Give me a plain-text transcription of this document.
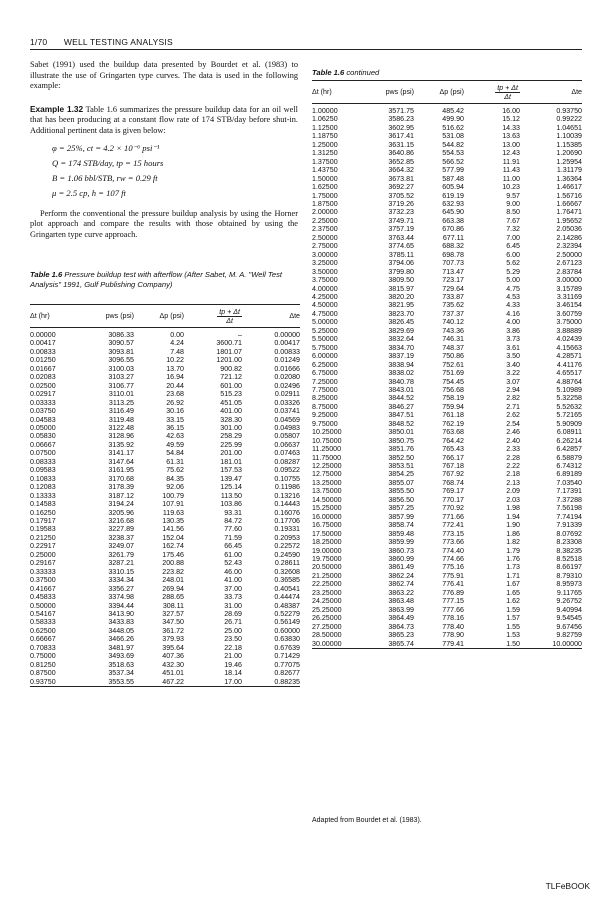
1/70 WELL TESTING ANALYSIS

Sabet (1991) used the buildup data presented by Bourdet et al. (1983) to illustrate the use of Gringarten type curves. The data is used in the following example:

Example 1.32 Table 1.6 summarizes the pressure buildup data for an oil well that has been producing at a constant flow rate of 174 STB/day before shut-in. Additional pertinent data is given below:

φ = 25%, ct = 4.2 × 10⁻⁶ psi⁻¹
Q = 174 STB/day, tp = 15 hours
B = 1.06 bbl/STB, rw = 0.29 ft
μ = 2.5 cp, h = 107 ft

Perform the conventional the pressure buildup analysis by using the Horner plot approach and compare the results with those obtained by using the Gringarten type curve approach.

Table 1.6 Pressure buildup test with afterflow (After Sabet, M. A. "Well Test Analysis" 1991, Gulf Publishing Company)
Δt (hr)	pws (psi)	Δp (psi)	$\frac{tp + \Delta t}{\Delta t}$	Δte
0.00000	3086.33	0.00	–	0.00000
0.00417	3090.57	4.24	3600.71	0.00417
0.00833	3093.81	7.48	1801.07	0.00833
0.01250	3096.55	10.22	1201.00	0.01249
0.01667	3100.03	13.70	900.82	0.01666
0.02083	3103.27	16.94	721.12	0.02080
0.02500	3106.77	20.44	601.00	0.02496
0.02917	3110.01	23.68	515.23	0.02911
0.03333	3113.25	26.92	451.05	0.03326
0.03750	3116.49	30.16	401.00	0.03741
0.04583	3119.48	33.15	328.30	0.04569
0.05000	3122.48	36.15	301.00	0.04983
0.05830	3128.96	42.63	258.29	0.05807
0.06667	3135.92	49.59	225.99	0.06637
0.07500	3141.17	54.84	201.00	0.07463
0.08333	3147.64	61.31	181.01	0.08287
0.09583	3161.95	75.62	157.53	0.09522
0.10833	3170.68	84.35	139.47	0.10755
0.12083	3178.39	92.06	125.14	0.11986
0.13333	3187.12	100.79	113.50	0.13216
0.14583	3194.24	107.91	103.86	0.14443
0.16250	3205.96	119.63	93.31	0.16076
0.17917	3216.68	130.35	84.72	0.17706
0.19583	3227.89	141.56	77.60	0.19331
0.21250	3238.37	152.04	71.59	0.20953
0.22917	3249.07	162.74	66.45	0.22572
0.25000	3261.79	175.46	61.00	0.24590
0.29167	3287.21	200.88	52.43	0.28611
0.33333	3310.15	223.82	46.00	0.32608
0.37500	3334.34	248.01	41.00	0.36585
0.41667	3356.27	269.94	37.00	0.40541
0.45833	3374.98	288.65	33.73	0.44474
0.50000	3394.44	308.11	31.00	0.48387
0.54167	3413.90	327.57	28.69	0.52279
0.58333	3433.83	347.50	26.71	0.56149
0.62500	3448.05	361.72	25.00	0.60000
0.66667	3466.26	379.93	23.50	0.63830
0.70833	3481.97	395.64	22.18	0.67639
0.75000	3493.69	407.36	21.00	0.71429
0.81250	3518.63	432.30	19.46	0.77075
0.87500	3537.34	451.01	18.14	0.82677
0.93750	3553.55	467.22	17.00	0.88235
Table 1.6 continued
Δt (hr)	pws (psi)	Δp (psi)	$\frac{tp + \Delta t}{\Delta t}$	Δte
1.00000	3571.75	485.42	16.00	0.93750
1.06250	3586.23	499.90	15.12	0.99222
1.12500	3602.95	516.62	14.33	1.04651
1.18750	3617.41	531.08	13.63	1.10039
1.25000	3631.15	544.82	13.00	1.15385
1.31250	3640.86	554.53	12.43	1.20690
1.37500	3652.85	566.52	11.91	1.25954
1.43750	3664.32	577.99	11.43	1.31179
1.50000	3673.81	587.48	11.00	1.36364
1.62500	3692.27	605.94	10.23	1.46617
1.75000	3705.52	619.19	9.57	1.56716
1.87500	3719.26	632.93	9.00	1.66667
2.00000	3732.23	645.90	8.50	1.76471
2.25000	3749.71	663.38	7.67	1.95652
2.37500	3757.19	670.86	7.32	2.05036
2.50000	3763.44	677.11	7.00	2.14286
2.75000	3774.65	688.32	6.45	2.32394
3.00000	3785.11	698.78	6.00	2.50000
3.25000	3794.06	707.73	5.62	2.67123
3.50000	3799.80	713.47	5.29	2.83784
3.75000	3809.50	723.17	5.00	3.00000
4.00000	3815.97	729.64	4.75	3.15789
4.25000	3820.20	733.87	4.53	3.31169
4.50000	3821.95	735.62	4.33	3.46154
4.75000	3823.70	737.37	4.16	3.60759
5.00000	3826.45	740.12	4.00	3.75000
5.25000	3829.69	743.36	3.86	3.88889
5.50000	3832.64	746.31	3.73	4.02439
5.75000	3834.70	748.37	3.61	4.15663
6.00000	3837.19	750.86	3.50	4.28571
6.25000	3838.94	752.61	3.40	4.41176
6.75000	3838.02	751.69	3.22	4.65517
7.25000	3840.78	754.45	3.07	4.88764
7.75000	3843.01	756.68	2.94	5.10989
8.25000	3844.52	758.19	2.82	5.32258
8.75000	3846.27	759.94	2.71	5.52632
9.25000	3847.51	761.18	2.62	5.72165
9.75000	3848.52	762.19	2.54	5.90909
10.25000	3850.01	763.68	2.46	6.08911
10.75000	3850.75	764.42	2.40	6.26214
11.25000	3851.76	765.43	2.33	6.42857
11.75000	3852.50	766.17	2.28	6.58879
12.25000	3853.51	767.18	2.22	6.74312
12.75000	3854.25	767.92	2.18	6.89189
13.25000	3855.07	768.74	2.13	7.03540
13.75000	3855.50	769.17	2.09	7.17391
14.50000	3856.50	770.17	2.03	7.37288
15.25000	3857.25	770.92	1.98	7.56198
16.00000	3857.99	771.66	1.94	7.74194
16.75000	3858.74	772.41	1.90	7.91339
17.50000	3859.48	773.15	1.86	8.07692
18.25000	3859.99	773.66	1.82	8.23308
19.00000	3860.73	774.40	1.79	8.38235
19.75000	3860.99	774.66	1.76	8.52518
20.50000	3861.49	775.16	1.73	8.66197
21.25000	3862.24	775.91	1.71	8.79310
22.25000	3862.74	776.41	1.67	8.95973
23.25000	3863.22	776.89	1.65	9.11765
24.25000	3863.48	777.15	1.62	9.26752
25.25000	3863.99	777.66	1.59	9.40994
26.25000	3864.49	778.16	1.57	9.54545
27.25000	3864.73	778.40	1.55	9.67456
28.50000	3865.23	778.90	1.53	9.82759
30.00000	3865.74	779.41	1.50	10.00000
Adapted from Bourdet et al. (1983).
TLFeBOOK
